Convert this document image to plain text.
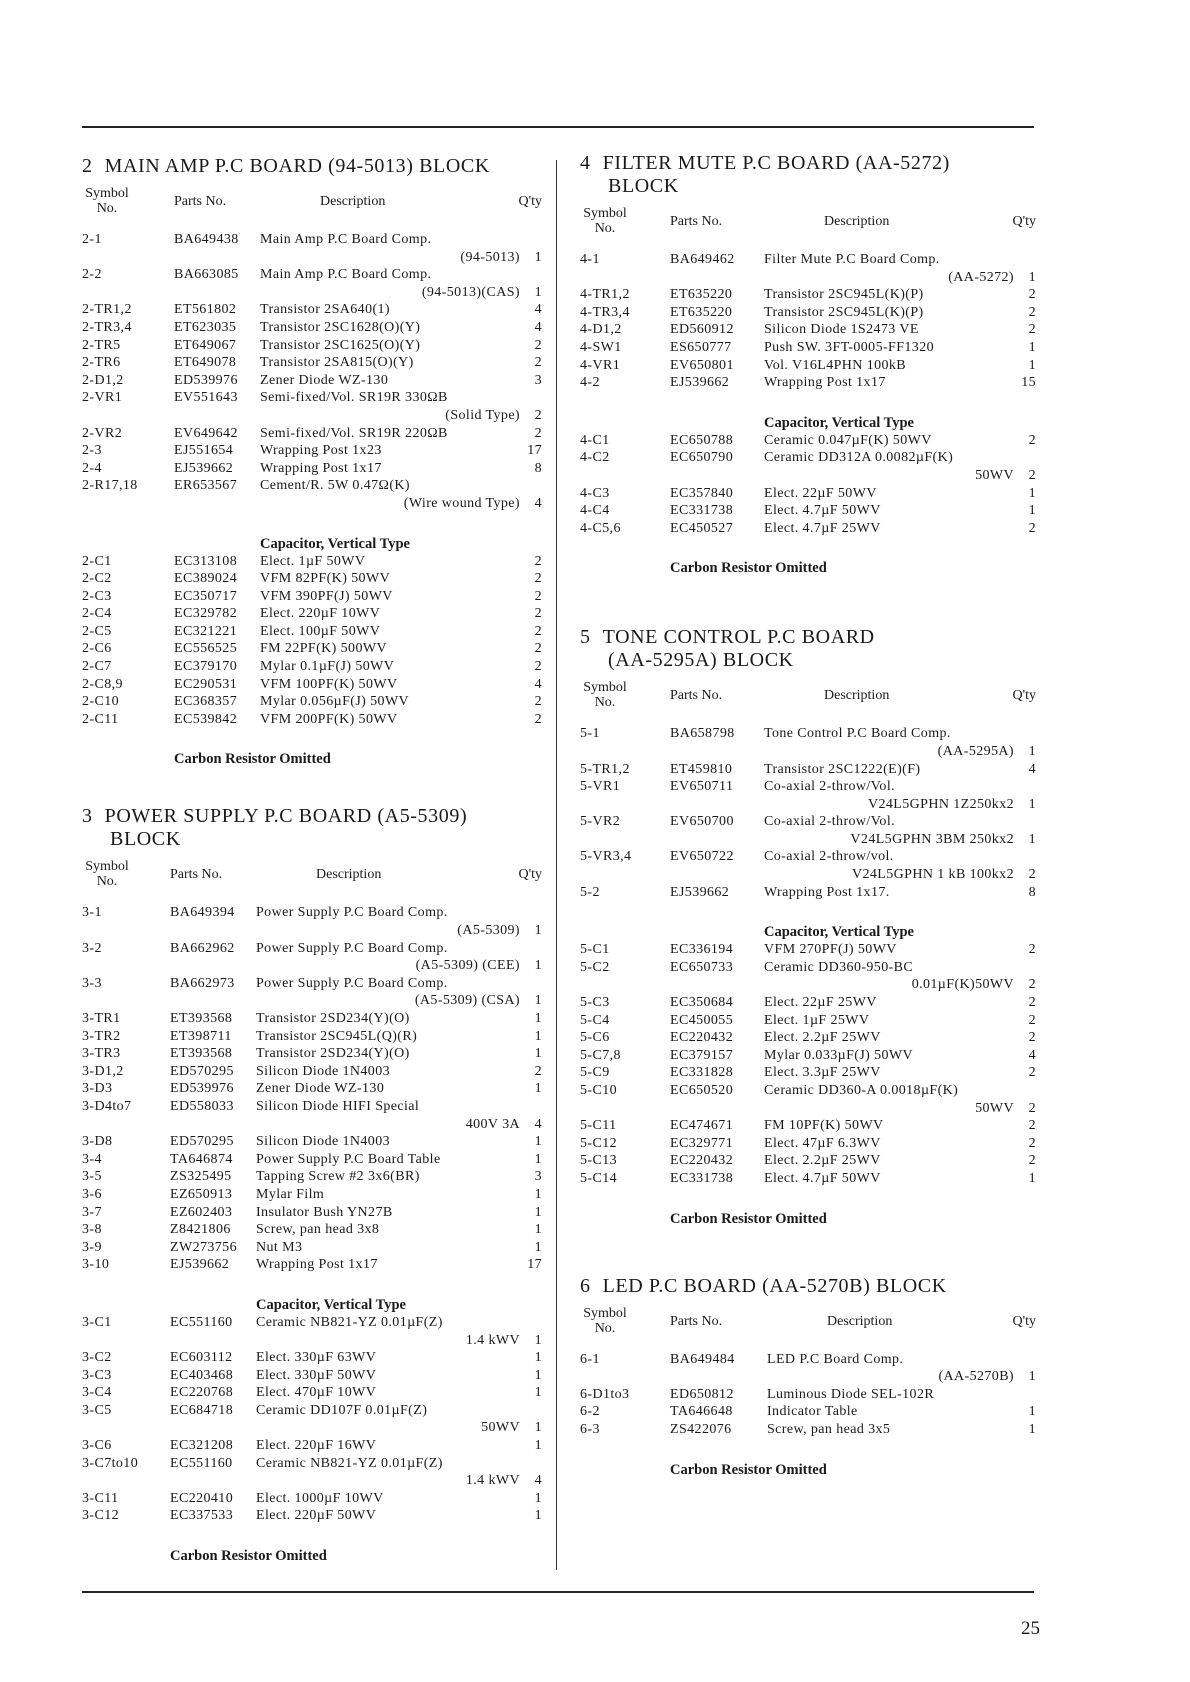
2 MAIN AMP P.C BOARD (94-5013) BLOCK
Symbol No.	Parts No.	Description	Q'ty
2-1	BA649438 Main Amp P.C Board Comp.
(94-5013) 1
2-2	BA663085 Main Amp P.C Board Comp.
(94-5013)(CAS) 1
2-TR1,2	ET561802 Transistor 2SA640(1)	4
2-TR3,4	ET623035 Transistor 2SC1628(O)(Y)	4
2-TR5	ET649067 Transistor 2SC1625(O)(Y)	2
2-TR6	ET649078 Transistor 2SA815(O)(Y)	2
2-D1,2	ED539976 Zener Diode WZ-130	3
2-VR1	EV551643 Semi-fixed/Vol. SR19R 330ΩB
(Solid Type) 2
2-VR2	EV649642 Semi-fixed/Vol. SR19R 220ΩB	2
2-3	EJ551654 Wrapping Post 1x23	17
2-4	EJ539662 Wrapping Post 1x17	8
2-R17,18	ER653567 Cement/R. 5W 0.47Ω(K)
(Wire wound Type) 4
Capacitor, Vertical Type
2-C1	EC313108 Elect. 1µF 50WV	2
2-C2	EC389024 VFM 82PF(K) 50WV	2
2-C3	EC350717 VFM 390PF(J) 50WV	2
2-C4	EC329782 Elect. 220µF 10WV	2
2-C5	EC321221 Elect. 100µF 50WV	2
2-C6	EC556525 FM 22PF(K) 500WV	2
2-C7	EC379170 Mylar 0.1µF(J) 50WV	2
2-C8,9	EC290531 VFM 100PF(K) 50WV	4
2-C10	EC368357 Mylar 0.056µF(J) 50WV	2
2-C11	EC539842 VFM 200PF(K) 50WV	2
Carbon Resistor Omitted
3 POWER SUPPLY P.C BOARD (A5-5309)
BLOCK
Symbol No.	Parts No.	Description	Q'ty
3-1	BA649394 Power Supply P.C Board Comp.
(A5-5309) 1
3-2	BA662962 Power Supply P.C Board Comp.
(A5-5309) (CEE) 1
3-3	BA662973 Power Supply P.C Board Comp.
(A5-5309) (CSA) 1
3-TR1	ET393568 Transistor 2SD234(Y)(O)	1
3-TR2	ET398711 Transistor 2SC945L(Q)(R)	1
3-TR3	ET393568 Transistor 2SD234(Y)(O)	1
3-D1,2	ED570295 Silicon Diode 1N4003	2
3-D3	ED539976 Zener Diode WZ-130	1
3-D4to7	ED558033 Silicon Diode HIFI Special
400V 3A 4
3-D8	ED570295 Silicon Diode 1N4003	1
3-4	TA646874 Power Supply P.C Board Table	1
3-5	ZS325495 Tapping Screw #2 3x6(BR)	3
3-6	EZ650913 Mylar Film	1
3-7	EZ602403 Insulator Bush YN27B	1
3-8	Z8421806 Screw, pan head 3x8	1
3-9	ZW273756 Nut M3	1
3-10	EJ539662 Wrapping Post 1x17	17
Capacitor, Vertical Type
3-C1	EC551160 Ceramic NB821-YZ 0.01µF(Z)
1.4 kWV 1
3-C2	EC603112 Elect. 330µF 63WV	1
3-C3	EC403468 Elect. 330µF 50WV	1
3-C4	EC220768 Elect. 470µF 10WV	1
3-C5	EC684718 Ceramic DD107F 0.01µF(Z)
50WV 1
3-C6	EC321208 Elect. 220µF 16WV	1
3-C7to10 EC551160 Ceramic NB821-YZ 0.01µF(Z)
1.4 kWV 4
3-C11	EC220410 Elect. 1000µF 10WV	1
3-C12	EC337533 Elect. 220µF 50WV	1
Carbon Resistor Omitted
4 FILTER MUTE P.C BOARD (AA-5272)
BLOCK
Symbol No.	Parts No.	Description	Q'ty
4-1	BA649462 Filter Mute P.C Board Comp.
(AA-5272) 1
4-TR1,2	ET635220 Transistor 2SC945L(K)(P)	2
4-TR3,4	ET635220 Transistor 2SC945L(K)(P)	2
4-D1,2	ED560912 Silicon Diode 1S2473 VE	2
4-SW1	ES650777 Push SW. 3FT-0005-FF1320	1
4-VR1	EV650801 Vol. V16L4PHN 100kB	1
4-2	EJ539662 Wrapping Post 1x17	15
Capacitor, Vertical Type
4-C1	EC650788 Ceramic 0.047µF(K) 50WV	2
4-C2	EC650790 Ceramic DD312A 0.0082µF(K)
50WV 2
4-C3	EC357840 Elect. 22µF 50WV	1
4-C4	EC331738 Elect. 4.7µF 50WV	1
4-C5,6	EC450527 Elect. 4.7µF 25WV	2
Carbon Resistor Omitted
5 TONE CONTROL P.C BOARD
(AA-5295A) BLOCK
Symbol No.	Parts No.	Description	Q'ty
5-1	BA658798 Tone Control P.C Board Comp.
(AA-5295A) 1
5-TR1,2	ET459810 Transistor 2SC1222(E)(F)	4
5-VR1	EV650711 Co-axial 2-throw/Vol.
V24L5GPHN 1Z250kx2 1
5-VR2	EV650700 Co-axial 2-throw/Vol.
V24L5GPHN 3BM 250kx2 1
5-VR3,4	EV650722 Co-axial 2-throw/vol.
V24L5GPHN 1 kB 100kx2 2
5-2	EJ539662 Wrapping Post 1x17.	8
Capacitor, Vertical Type
5-C1	EC336194 VFM 270PF(J) 50WV	2
5-C2	EC650733 Ceramic DD360-950-BC
0.01µF(K)50WV 2
5-C3	EC350684 Elect. 22µF 25WV	2
5-C4	EC450055 Elect. 1µF 25WV	2
5-C6	EC220432 Elect. 2.2µF 25WV	2
5-C7,8	EC379157 Mylar 0.033µF(J) 50WV	4
5-C9	EC331828 Elect. 3.3µF 25WV	2
5-C10	EC650520 Ceramic DD360-A 0.0018µF(K)
50WV 2
5-C11	EC474671 FM 10PF(K) 50WV	2
5-C12	EC329771 Elect. 47µF 6.3WV	2
5-C13	EC220432 Elect. 2.2µF 25WV	2
5-C14	EC331738 Elect. 4.7µF 50WV	1
Carbon Resistor Omitted
6 LED P.C BOARD (AA-5270B) BLOCK
Symbol No.	Parts No.	Description	Q'ty
6-1	BA649484 LED P.C Board Comp.
(AA-5270B) 1
6-D1to3	ED650812 Luminous Diode SEL-102R
6-2	TA646648 Indicator Table	1
6-3	ZS422076	Screw, pan head 3x5	1
Carbon Resistor Omitted
25
